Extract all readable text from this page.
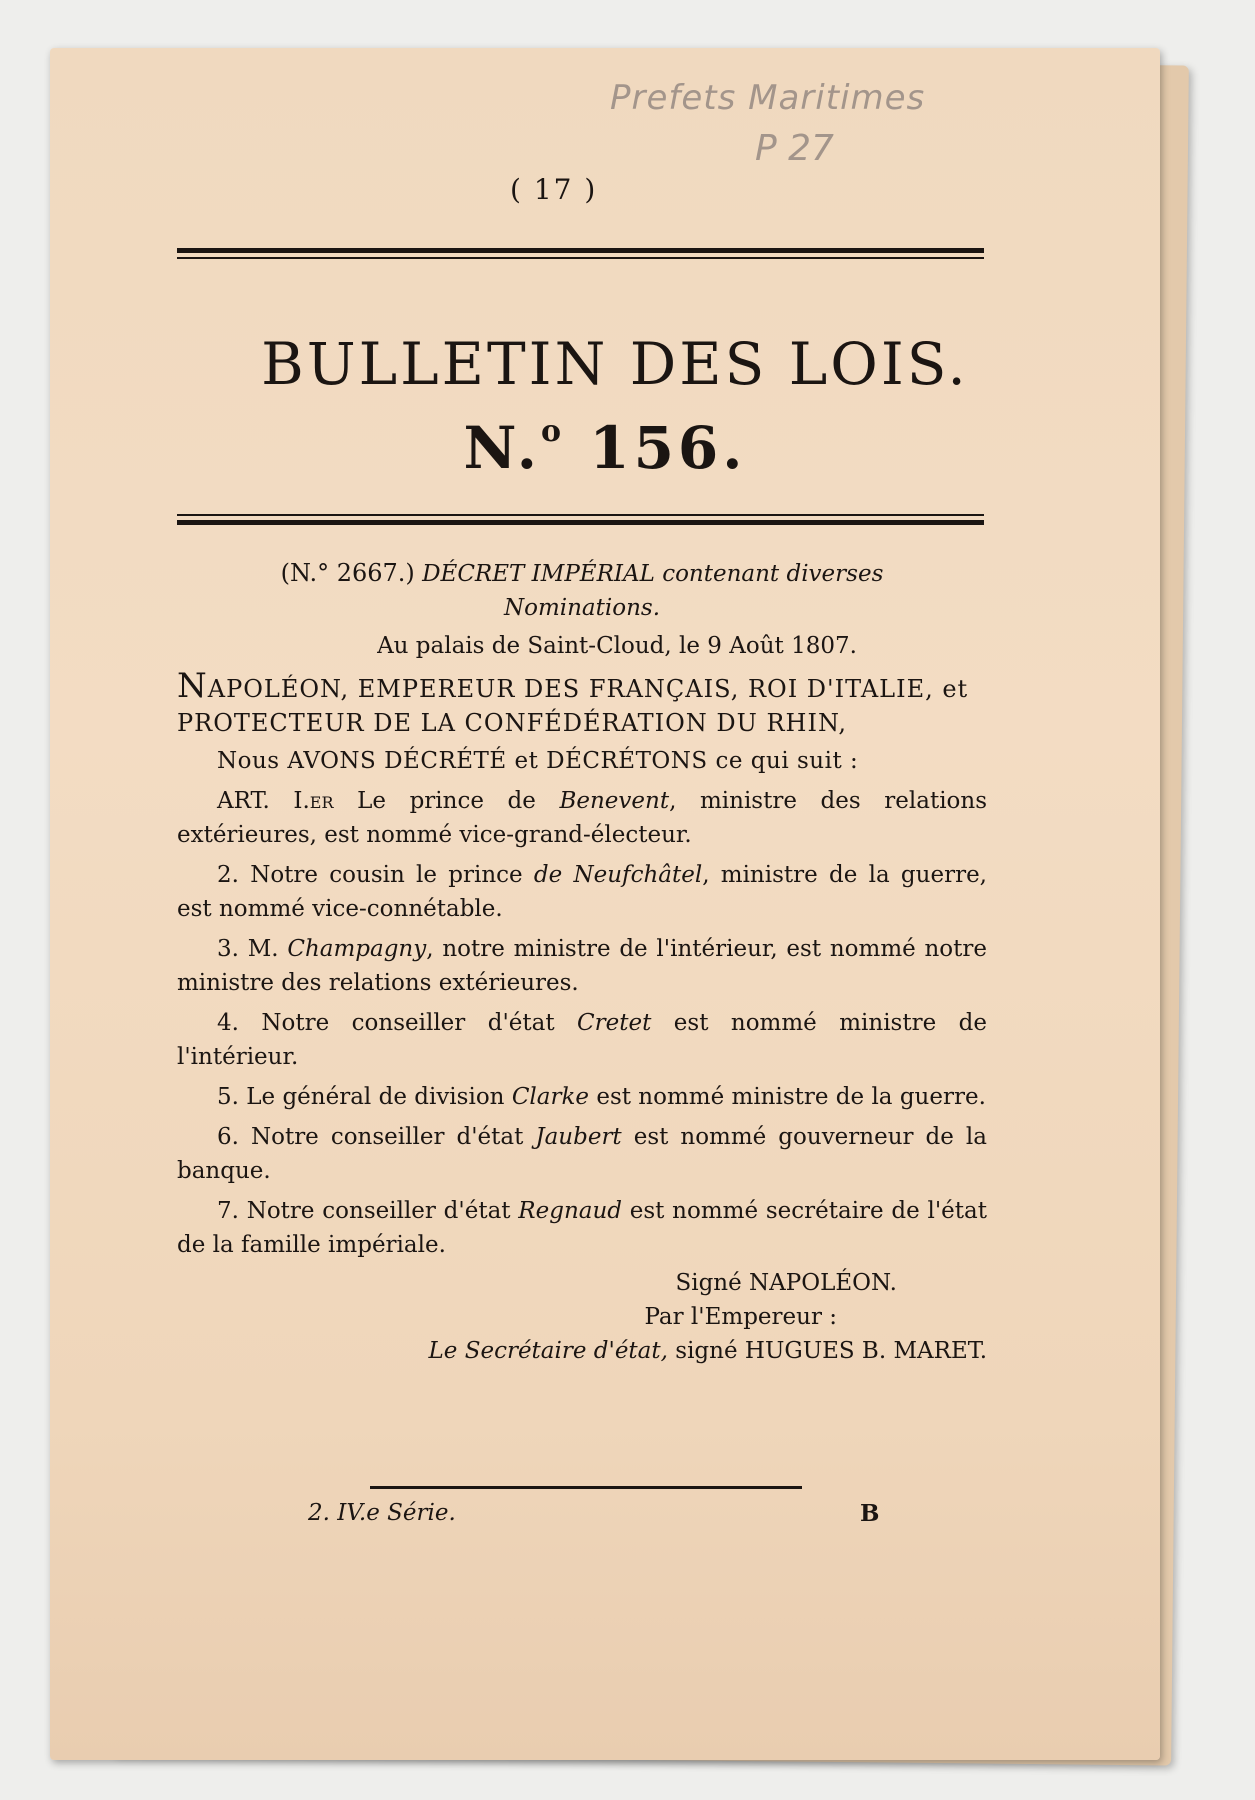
Prefets Maritimes
P 27
( 17 )
BULLETIN DES LOIS.
N.$^o$ 156.
(N.° 2667.) DÉCRET IMPÉRIAL contenant diverses
Nominations.
Au palais de Saint-Cloud, le 9 Août 1807.
NAPOLÉON, EMPEREUR DES FRANÇAIS, ROI D'ITALIE, et PROTECTEUR DE LA CONFÉDÉRATION DU RHIN,
Nous AVONS DÉCRÉTÉ et DÉCRÉTONS ce qui suit :

ART. I.er Le prince de Benevent, ministre des relations extérieures, est nommé vice-grand-électeur.

2. Notre cousin le prince de Neufchâtel, ministre de la guerre, est nommé vice-connétable.

3. M. Champagny, notre ministre de l'intérieur, est nommé notre ministre des relations extérieures.

4. Notre conseiller d'état Cretet est nommé ministre de l'intérieur.

5. Le général de division Clarke est nommé ministre de la guerre.

6. Notre conseiller d'état Jaubert est nommé gouverneur de la banque.

7. Notre conseiller d'état Regnaud est nommé secrétaire de l'état de la famille impériale.

Signé NAPOLÉON.
Par l'Empereur :
Le Secrétaire d'état, signé HUGUES B. MARET.
2. IV.e Série.	B
